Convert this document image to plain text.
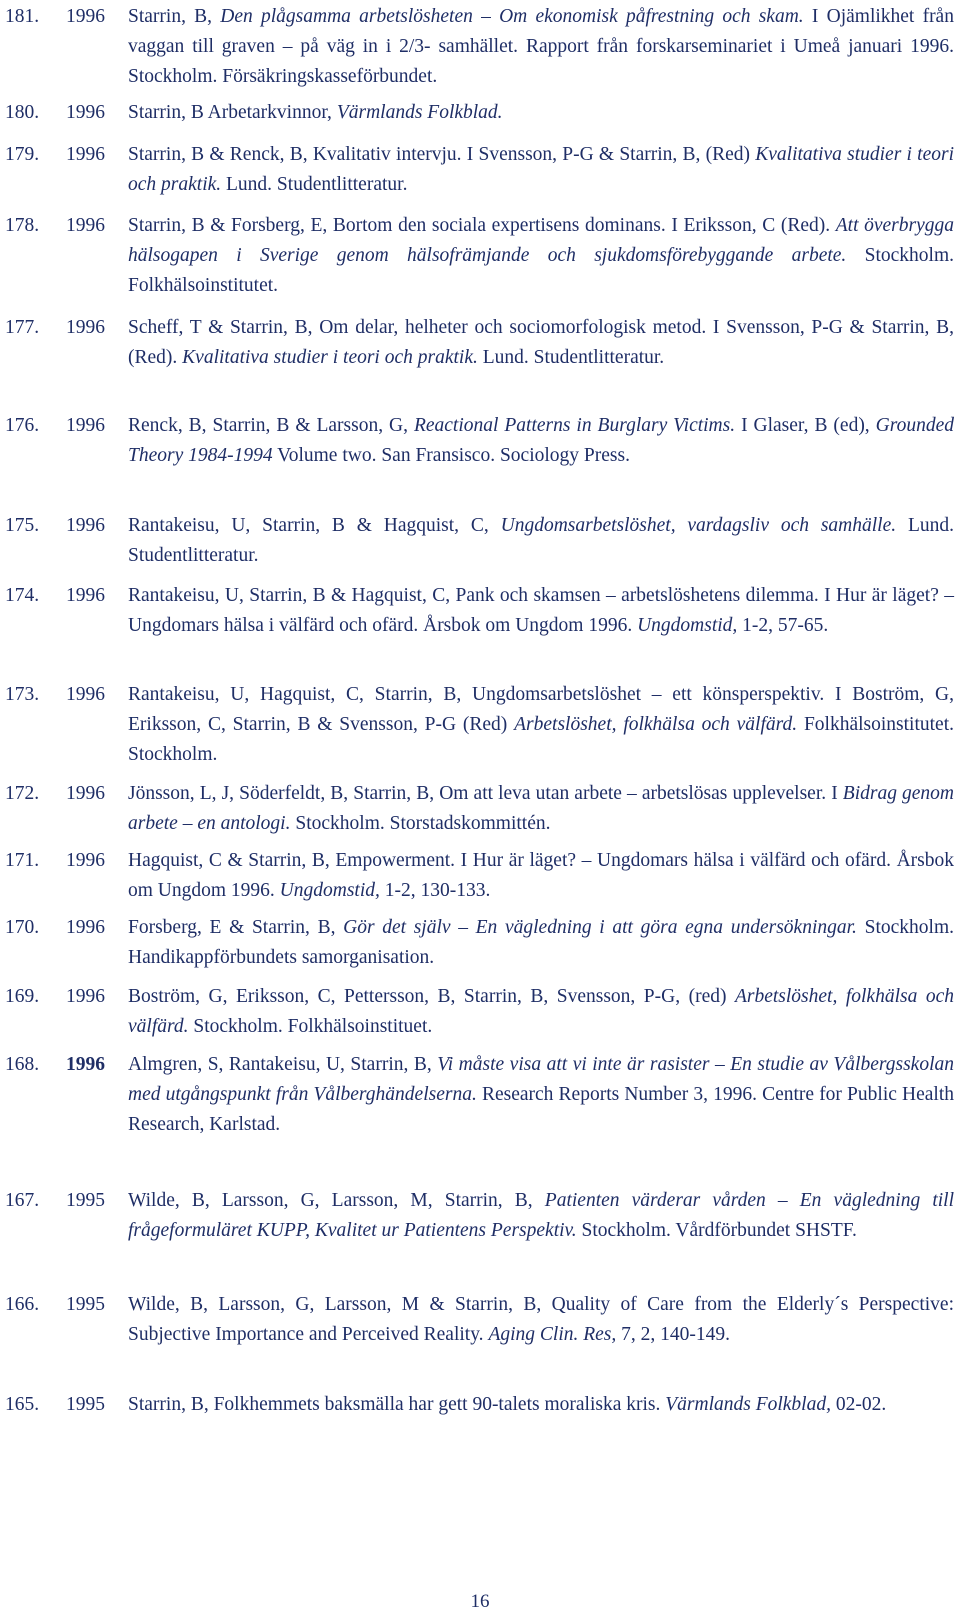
181. 1996 Starrin, B, Den plågsamma arbetslösheten – Om ekonomisk påfrestning och skam. I Ojämlikhet från vaggan till graven – på väg in i 2/3- samhället. Rapport från forskarseminariet i Umeå januari 1996. Stockholm. Försäkringskasseförbundet.
180. 1996 Starrin, B Arbetarkvinnor, Värmlands Folkblad.
179. 1996 Starrin, B & Renck, B, Kvalitativ intervju. I Svensson, P-G & Starrin, B, (Red) Kvalitativa studier i teori och praktik. Lund. Studentlitteratur.
178. 1996 Starrin, B & Forsberg, E, Bortom den sociala expertisens dominans. I Eriksson, C (Red). Att överbrygga hälsogapen i Sverige genom hälsofrämjande och sjukdomsförebyggande arbete. Stockholm. Folkhälsoinstitutet.
177. 1996 Scheff, T & Starrin, B, Om delar, helheter och sociomorfologisk metod. I Svensson, P-G & Starrin, B, (Red). Kvalitativa studier i teori och praktik. Lund. Studentlitteratur.
176. 1996 Renck, B, Starrin, B & Larsson, G, Reactional Patterns in Burglary Victims. I Glaser, B (ed), Grounded Theory 1984-1994 Volume two. San Fransisco. Sociology Press.
175. 1996 Rantakeisu, U, Starrin, B & Hagquist, C, Ungdomsarbetslöshet, vardagsliv och samhälle. Lund. Studentlitteratur.
174. 1996 Rantakeisu, U, Starrin, B & Hagquist, C, Pank och skamsen – arbetslöshetens dilemma. I Hur är läget? – Ungdomars hälsa i välfärd och ofärd. Årsbok om Ungdom 1996. Ungdomstid, 1-2, 57-65.
173. 1996 Rantakeisu, U, Hagquist, C, Starrin, B, Ungdomsarbetslöshet – ett könsperspektiv. I Boström, G, Eriksson, C, Starrin, B & Svensson, P-G (Red) Arbetslöshet, folkhälsa och välfärd. Folkhälsoinstitutet. Stockholm.
172. 1996 Jönsson, L, J, Söderfeldt, B, Starrin, B, Om att leva utan arbete – arbetslösas upplevelser. I Bidrag genom arbete – en antologi. Stockholm. Storstadskommittén.
171. 1996 Hagquist, C & Starrin, B, Empowerment. I Hur är läget? – Ungdomars hälsa i välfärd och ofärd. Årsbok om Ungdom 1996. Ungdomstid, 1-2, 130-133.
170. 1996 Forsberg, E & Starrin, B, Gör det själv – En vägledning i att göra egna undersökningar. Stockholm. Handikappförbundets samorganisation.
169. 1996 Boström, G, Eriksson, C, Pettersson, B, Starrin, B, Svensson, P-G, (red) Arbetslöshet, folkhälsa och välfärd. Stockholm. Folkhälsoinstituet.
168. 1996 Almgren, S, Rantakeisu, U, Starrin, B, Vi måste visa att vi inte är rasister – En studie av Vålbergsskolan med utgångspunkt från Vålberghändelserna. Research Reports Number 3, 1996. Centre for Public Health Research, Karlstad.
167. 1995 Wilde, B, Larsson, G, Larsson, M, Starrin, B, Patienten värderar vården – En vägledning till frågeformuläret KUPP, Kvalitet ur Patientens Perspektiv. Stockholm. Vårdförbundet SHSTF.
166. 1995 Wilde, B, Larsson, G, Larsson, M & Starrin, B, Quality of Care from the Elderly´s Perspective: Subjective Importance and Perceived Reality. Aging Clin. Res, 7, 2, 140-149.
165. 1995 Starrin, B, Folkhemmets baksmälla har gett 90-talets moraliska kris. Värmlands Folkblad, 02-02.
16
